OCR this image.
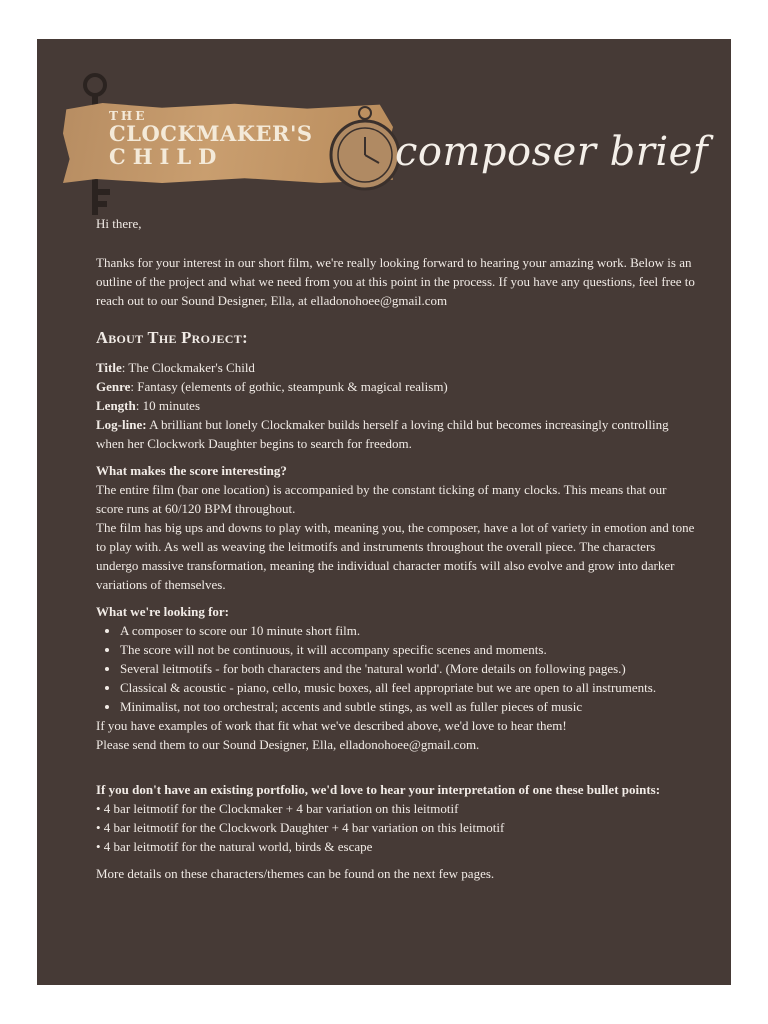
THE
CLOCKMAKER'S
CHILD	composer brief

Hi there,

Thanks for your interest in our short film, we're really looking forward to hearing your amazing work. Below is an outline of the project and what we need from you at this point in the process. If you have any questions, feel free to reach out to our Sound Designer, Ella, at elladonohoee@gmail.com

About The Project:
Title: The Clockmaker's Child
Genre: Fantasy (elements of gothic, steampunk & magical realism)
Length: 10 minutes
Log-line: A brilliant but lonely Clockmaker builds herself a loving child but becomes increasingly controlling when her Clockwork Daughter begins to search for freedom.

What makes the score interesting?

The entire film (bar one location) is accompanied by the constant ticking of many clocks. This means that our score runs at 60/120 BPM throughout.

The film has big ups and downs to play with, meaning you, the composer, have a lot of variety in emotion and tone to play with. As well as weaving the leitmotifs and instruments throughout the overall piece. The characters undergo massive transformation, meaning the individual character motifs will also evolve and grow into darker variations of themselves.

What we're looking for:

• A composer to score our 10 minute short film.
• The score will not be continuous, it will accompany specific scenes and moments.
• Several leitmotifs - for both characters and the 'natural world'. (More details on following pages.)
• Classical & acoustic - piano, cello, music boxes, all feel appropriate but we are open to all instruments.
• Minimalist, not too orchestral; accents and subtle stings, as well as fuller pieces of music

If you have examples of work that fit what we've described above, we'd love to hear them!

Please send them to our Sound Designer, Ella, elladonohoee@gmail.com.

If you don't have an existing portfolio, we'd love to hear your interpretation of one these bullet points:

• 4 bar leitmotif for the Clockmaker + 4 bar variation on this leitmotif

• 4 bar leitmotif for the Clockwork Daughter + 4 bar variation on this leitmotif

• 4 bar leitmotif for the natural world, birds & escape

More details on these characters/themes can be found on the next few pages.
